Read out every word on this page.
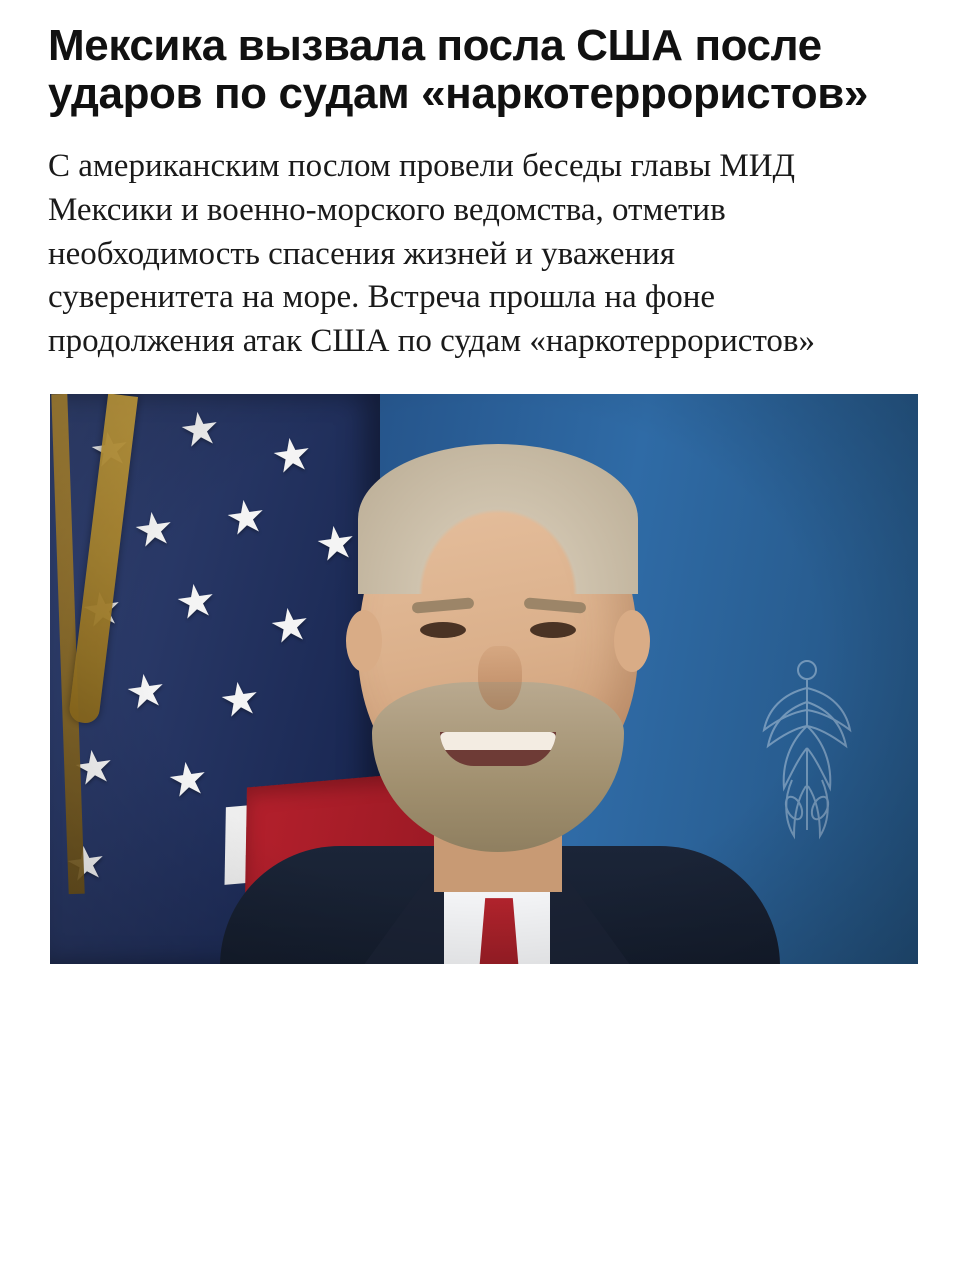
Мексика вызвала посла США после ударов по судам «наркотеррористов»

С американским послом провели беседы главы МИД Мексики и военно-морского ведомства, отметив необходимость спасения жизней и уважения суверенитета на море. Встреча прошла на фоне продолжения атак США по судам «наркотеррористов»
